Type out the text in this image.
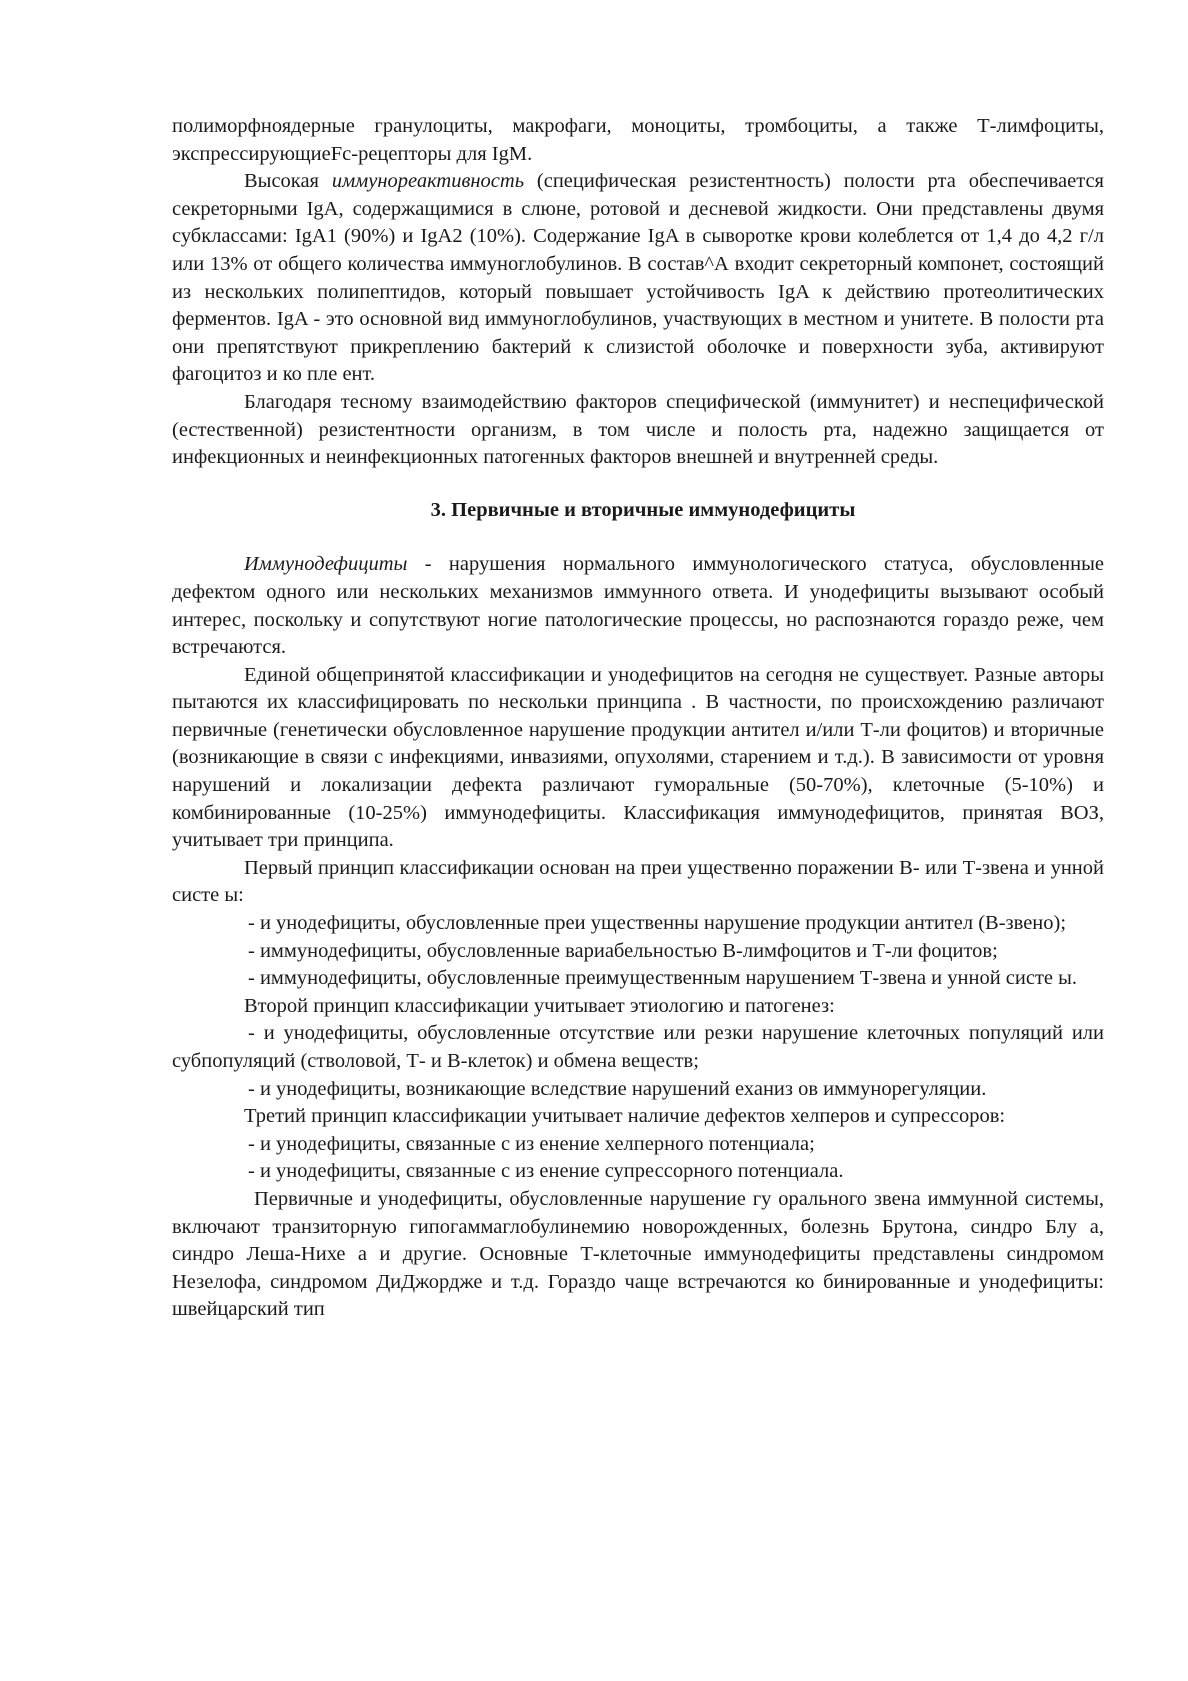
полиморфноядерные гранулоциты, макрофаги, моноциты, тромбоциты, а также Т-лимфоциты, экспрессирующиеFc-рецепторы для IgM.

Высокая иммунореактивность (специфическая резистентность) полости рта обеспечивается секреторными IgA, содержащимися в слюне, ротовой и десневой жидкости. Они представлены двумя субклассами: IgA1 (90%) и IgA2 (10%). Содержание IgA в сыворотке крови колеблется от 1,4 до 4,2 г/л или 13% от общего количества иммуноглобулинов. В состав^А входит секреторный компонет, состоящий из нескольких полипептидов, который повышает устойчивость IgA к действию протеолитических ферментов. IgA - это основной вид иммуноглобулинов, участвующих в местном и унитете. В полости рта они препятствуют прикреплению бактерий к слизистой оболочке и поверхности зуба, активируют фагоцитоз и ко пле ент.

Благодаря тесному взаимодействию факторов специфической (иммунитет) и неспецифической (естественной) резистентности организм, в том числе и полость рта, надежно защищается от инфекционных и неинфекционных патогенных факторов внешней и внутренней среды.

3. Первичные и вторичные иммунодефициты

Иммунодефициты - нарушения нормального иммунологического статуса, обусловленные дефектом одного или нескольких механизмов иммунного ответа. И унодефициты вызывают особый интерес, поскольку и сопутствуют ногие патологические процессы, но распознаются гораздо реже, чем встречаются.

Единой общепринятой классификации и унодефицитов на сегодня не существует. Разные авторы пытаются их классифицировать по нескольки принципа . В частности, по происхождению различают первичные (генетически обусловленное нарушение продукции антител и/или Т-ли фоцитов) и вторичные (возникающие в связи с инфекциями, инвазиями, опухолями, старением и т.д.). В зависимости от уровня нарушений и локализации дефекта различают гуморальные (50-70%), клеточные (5-10%) и комбинированные (10-25%) иммунодефициты. Классификация иммунодефицитов, принятая ВОЗ, учитывает три принципа.

Первый принцип классификации основан на преи ущественно поражении В- или Т-звена и унной систе ы:

- и унодефициты, обусловленные преи ущественны нарушение продукции антител (В-звено);

- иммунодефициты, обусловленные вариабельностью В-лимфоцитов и Т-ли фоцитов;

- иммунодефициты, обусловленные преимущественным нарушением Т-звена и унной систе ы.

Второй принцип классификации учитывает этиологию и патогенез:

- и унодефициты, обусловленные отсутствие или резки нарушение клеточных популяций или субпопуляций (стволовой, Т- и В-клеток) и обмена веществ;

- и унодефициты, возникающие вследствие нарушений еханиз ов иммунорегуляции.

Третий принцип классификации учитывает наличие дефектов хелперов и супрессоров:

- и унодефициты, связанные с из енение хелперного потенциала;

- и унодефициты, связанные с из енение супрессорного потенциала.

Первичные и унодефициты, обусловленные нарушение гу орального звена иммунной системы, включают транзиторную гипогаммаглобулинемию новорожденных, болезнь Брутона, синдро Блу а, синдро Леша-Нихе а и другие. Основные Т-клеточные иммунодефициты представлены синдромом Незелофа, синдромом ДиДжордже и т.д. Гораздо чаще встречаются ко бинированные и унодефициты: швейцарский тип
